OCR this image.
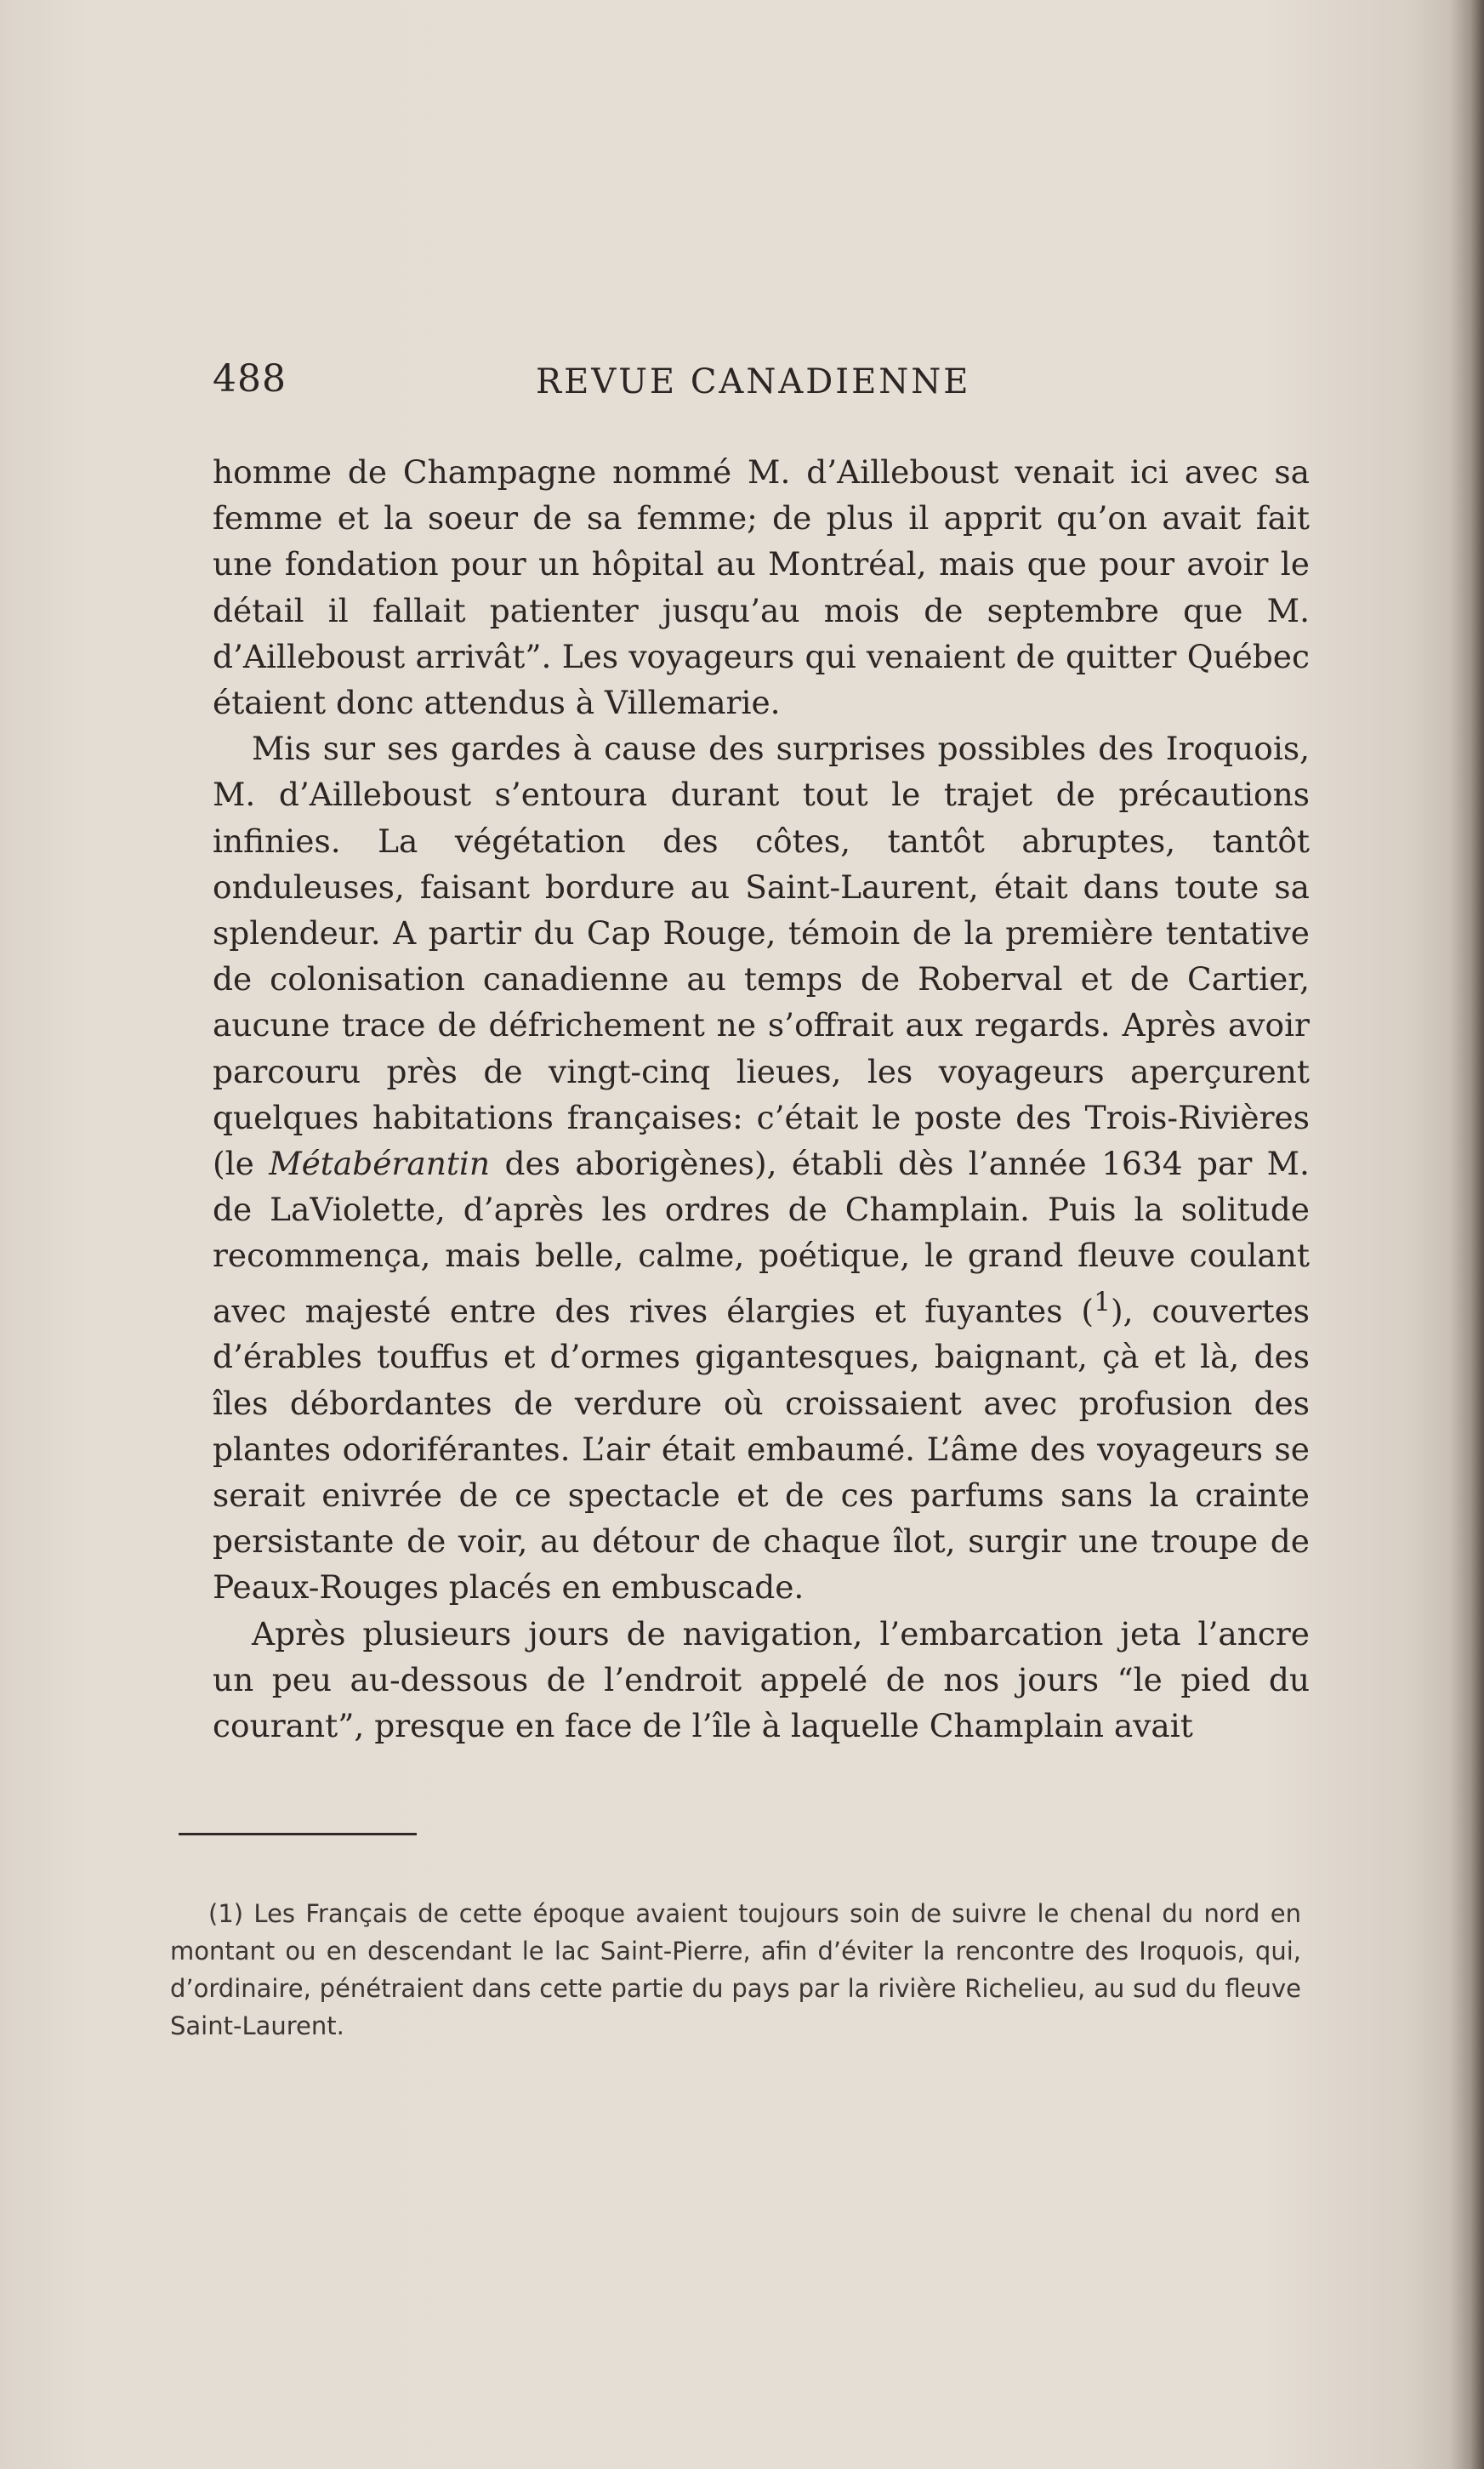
488	REVUE CANADIENNE

homme de Champagne nommé M. d’Ailleboust venait ici avec sa femme et la soeur de sa femme; de plus il apprit qu’on avait fait une fondation pour un hôpital au Montréal, mais que pour avoir le détail il fallait patienter jusqu’au mois de septembre que M. d’Ailleboust arrivât”. Les voyageurs qui venaient de quitter Québec étaient donc attendus à Villemarie.

Mis sur ses gardes à cause des surprises possibles des Iroquois, M. d’Ailleboust s’entoura durant tout le trajet de précautions infinies. La végétation des côtes, tantôt abruptes, tantôt onduleuses, faisant bordure au Saint-Laurent, était dans toute sa splendeur. A partir du Cap Rouge, témoin de la première tentative de colonisation canadienne au temps de Roberval et de Cartier, aucune trace de défrichement ne s’offrait aux regards. Après avoir parcouru près de vingt-cinq lieues, les voyageurs aperçurent quelques habitations françaises: c’était le poste des Trois-Rivières (le Métabérantin des aborigènes), établi dès l’année 1634 par M. de LaViolette, d’après les ordres de Champlain. Puis la solitude recommença, mais belle, calme, poétique, le grand fleuve coulant avec majesté entre des rives élargies et fuyantes ($^1$), couvertes d’érables touffus et d’ormes gigantesques, baignant, çà et là, des îles débordantes de verdure où croissaient avec profusion des plantes odoriférantes. L’air était embaumé. L’âme des voyageurs se serait enivrée de ce spectacle et de ces parfums sans la crainte persistante de voir, au détour de chaque îlot, surgir une troupe de Peaux-Rouges placés en embuscade.

Après plusieurs jours de navigation, l’embarcation jeta l’ancre un peu au-dessous de l’endroit appelé de nos jours “le pied du courant”, presque en face de l’île à laquelle Champlain avait

(1) Les Français de cette époque avaient toujours soin de suivre le chenal du nord en montant ou en descendant le lac Saint-Pierre, afin d’éviter la rencontre des Iroquois, qui, d’ordinaire, pénétraient dans cette partie du pays par la rivière Richelieu, au sud du fleuve Saint-Laurent.
